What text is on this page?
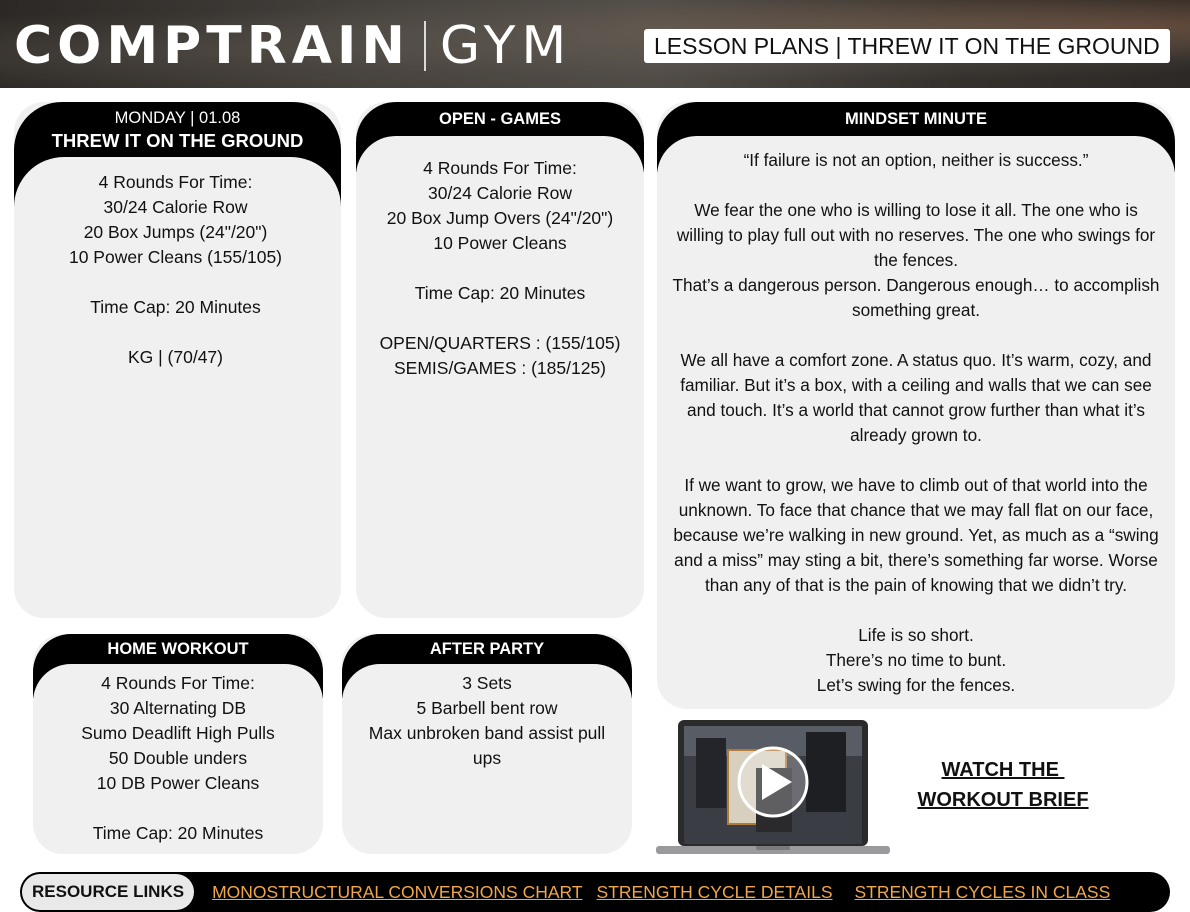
COMPTRAIN GYM	LESSON PLANS | THREW IT ON THE GROUND
MONDAY | 01.08
THREW IT ON THE GROUND
4 Rounds For Time:
30/24 Calorie Row
20 Box Jumps (24"/20")
10 Power Cleans (155/105)
Time Cap: 20 Minutes
KG | (70/47)
OPEN - GAMES
4 Rounds For Time:
30/24 Calorie Row
20 Box Jump Overs (24"/20")
10 Power Cleans
Time Cap: 20 Minutes
OPEN/QUARTERS : (155/105)
SEMIS/GAMES : (185/125)
MINDSET MINUTE
“If failure is not an option, neither is success.”
We fear the one who is willing to lose it all. The one who is
willing to play full out with no reserves. The one who swings for
the fences.
That’s a dangerous person. Dangerous enough… to accomplish
something great.
We all have a comfort zone. A status quo. It’s warm, cozy, and
familiar. But it’s a box, with a ceiling and walls that we can see
and touch. It’s a world that cannot grow further than what it’s
already grown to.
If we want to grow, we have to climb out of that world into the
unknown. To face that chance that we may fall flat on our face,
because we’re walking in new ground. Yet, as much as a “swing
and a miss” may sting a bit, there’s something far worse. Worse
than any of that is the pain of knowing that we didn’t try.
Life is so short.
There’s no time to bunt.
Let’s swing for the fences.
HOME WORKOUT
4 Rounds For Time:
30 Alternating DB
Sumo Deadlift High Pulls
50 Double unders
10 DB Power Cleans
Time Cap: 20 Minutes
AFTER PARTY
3 Sets
5 Barbell bent row
Max unbroken band assist pull
ups
WATCH THE
WORKOUT BRIEF
RESOURCE LINKS	MONOSTRUCTURAL CONVERSIONS CHART STRENGTH CYCLE DETAILS STRENGTH CYCLES IN CLASS
